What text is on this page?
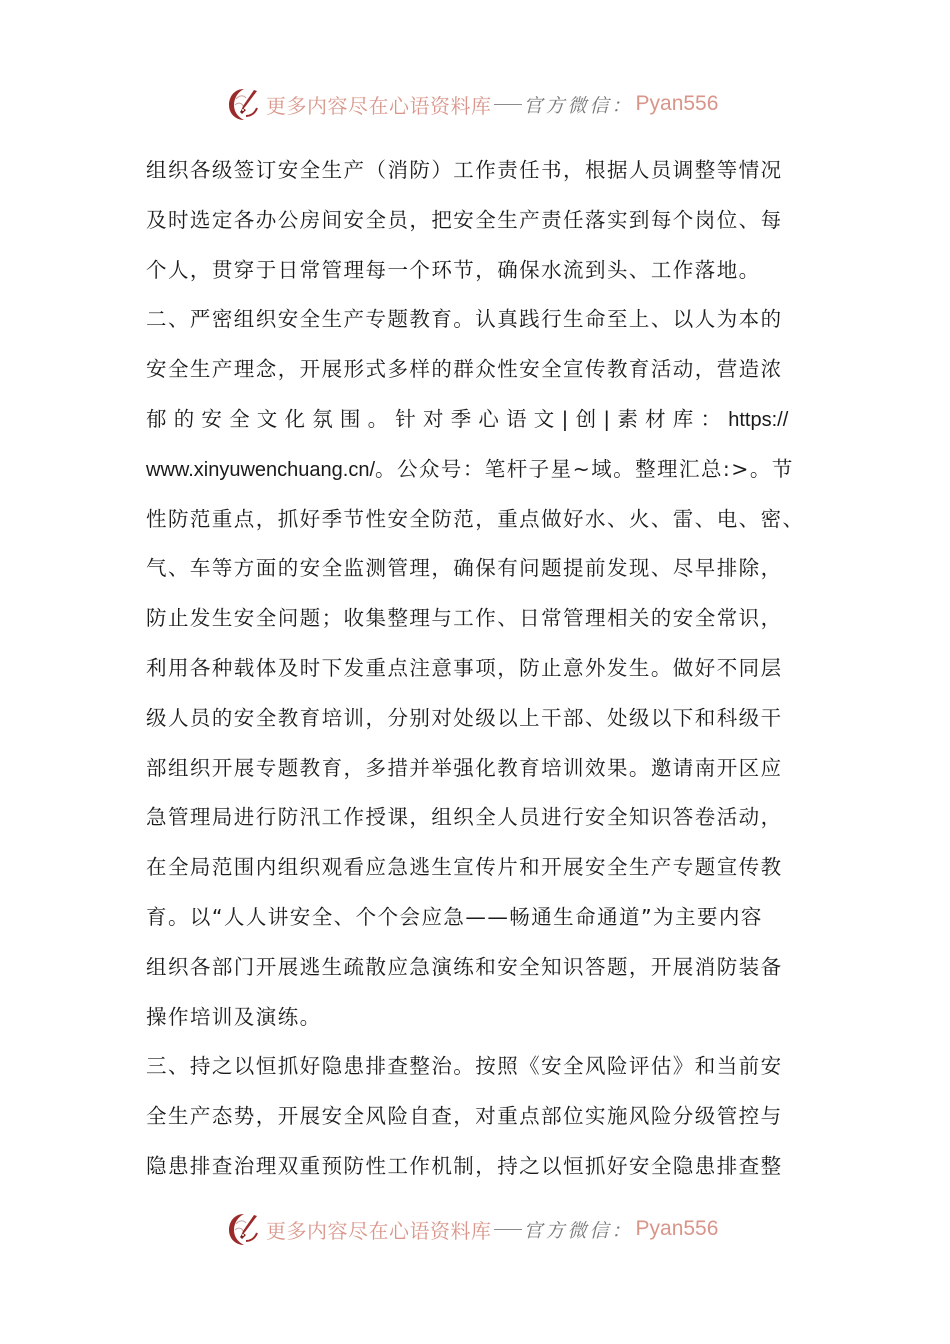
更多内容尽在心语资料库 官方微信： Pyan556
组织各级签订安全生产（消防）工作责任书，根据人员调整等情况
及时选定各办公房间安全员，把安全生产责任落实到每个岗位、每
个人，贯穿于日常管理每一个环节，确保水流到头、工作落地。
二、严密组织安全生产专题教育。认真践行生命至上、以人为本的
安全生产理念，开展形式多样的群众性安全宣传教育活动，营造浓
郁的安全文化氛围。针对季心语文|创|素材库：https://
www.xinyuwenchuang.cn/。公众号：笔杆子星~域。整理汇总:>。节
性防范重点，抓好季节性安全防范，重点做好水、火、雷、电、密、
气、车等方面的安全监测管理，确保有问题提前发现、尽早排除，
防止发生安全问题；收集整理与工作、日常管理相关的安全常识，
利用各种载体及时下发重点注意事项，防止意外发生。做好不同层
级人员的安全教育培训，分别对处级以上干部、处级以下和科级干
部组织开展专题教育，多措并举强化教育培训效果。邀请南开区应
急管理局进行防汛工作授课，组织全人员进行安全知识答卷活动，
在全局范围内组织观看应急逃生宣传片和开展安全生产专题宣传教
育。以“人人讲安全、个个会应急——畅通生命通道”为主要内容
组织各部门开展逃生疏散应急演练和安全知识答题，开展消防装备
操作培训及演练。
三、持之以恒抓好隐患排查整治。按照《安全风险评估》和当前安
全生产态势，开展安全风险自查，对重点部位实施风险分级管控与
隐患排查治理双重预防性工作机制，持之以恒抓好安全隐患排查整
更多内容尽在心语资料库 官方微信： Pyan556
